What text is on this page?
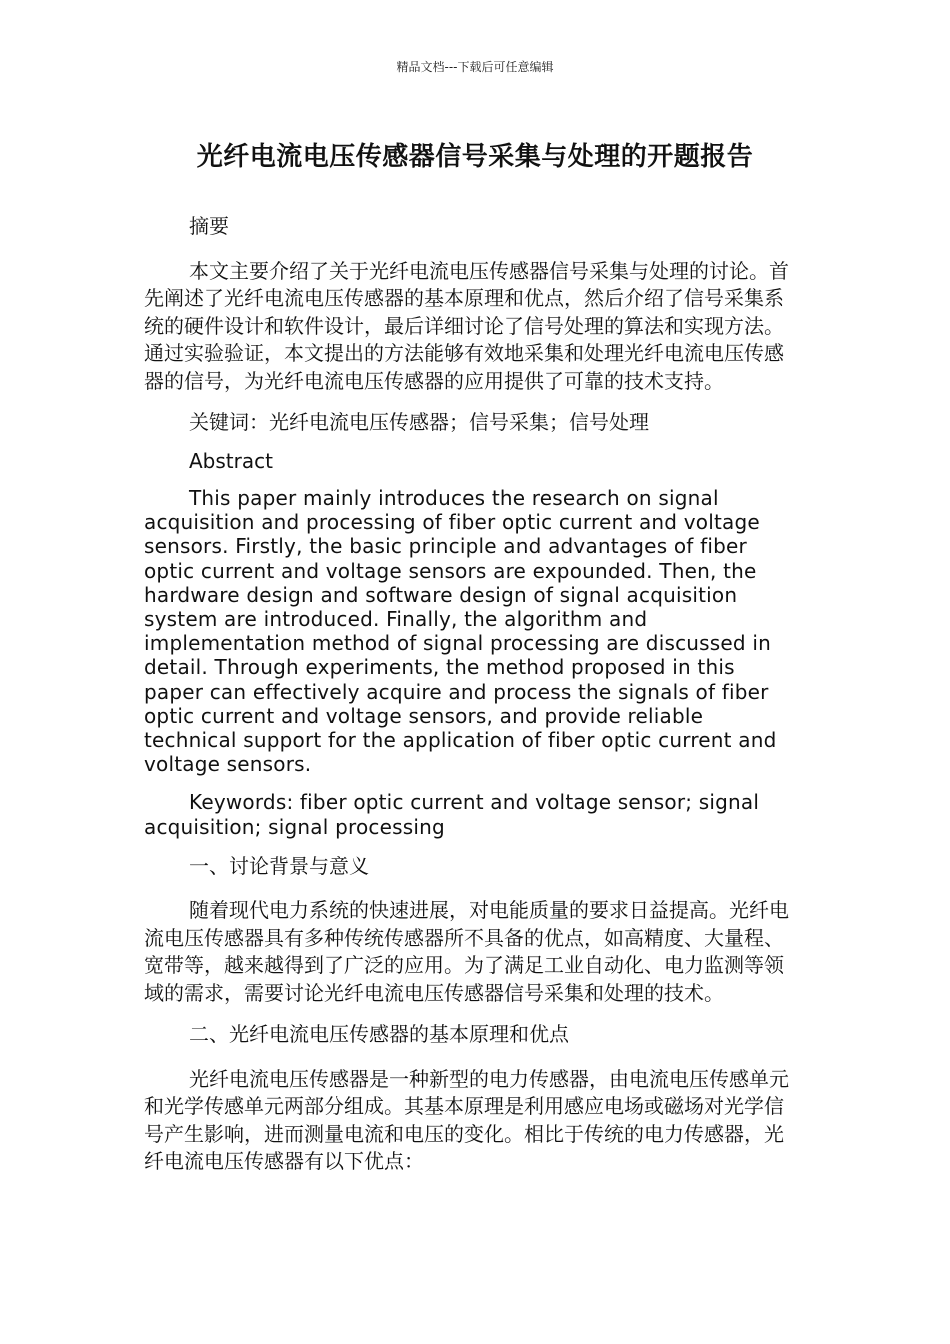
精品文档---下载后可任意编辑
光纤电流电压传感器信号采集与处理的开题报告

摘要

本文主要介绍了关于光纤电流电压传感器信号采集与处理的讨论。首先阐述了光纤电流电压传感器的基本原理和优点，然后介绍了信号采集系统的硬件设计和软件设计，最后详细讨论了信号处理的算法和实现方法。通过实验验证，本文提出的方法能够有效地采集和处理光纤电流电压传感器的信号，为光纤电流电压传感器的应用提供了可靠的技术支持。

关键词：光纤电流电压传感器；信号采集；信号处理

Abstract

This paper mainly introduces the research on signal acquisition and processing of fiber optic current and voltage sensors. Firstly, the basic principle and advantages of fiber optic current and voltage sensors are expounded. Then, the hardware design and software design of signal acquisition system are introduced. Finally, the algorithm and implementation method of signal processing are discussed in detail. Through experiments, the method proposed in this paper can effectively acquire and process the signals of fiber optic current and voltage sensors, and provide reliable technical support for the application of fiber optic current and voltage sensors.

Keywords: fiber optic current and voltage sensor; signal acquisition; signal processing

一、讨论背景与意义

随着现代电力系统的快速进展，对电能质量的要求日益提高。光纤电流电压传感器具有多种传统传感器所不具备的优点，如高精度、大量程、宽带等，越来越得到了广泛的应用。为了满足工业自动化、电力监测等领域的需求，需要讨论光纤电流电压传感器信号采集和处理的技术。

二、光纤电流电压传感器的基本原理和优点

光纤电流电压传感器是一种新型的电力传感器，由电流电压传感单元和光学传感单元两部分组成。其基本原理是利用感应电场或磁场对光学信号产生影响，进而测量电流和电压的变化。相比于传统的电力传感器，光纤电流电压传感器有以下优点：
